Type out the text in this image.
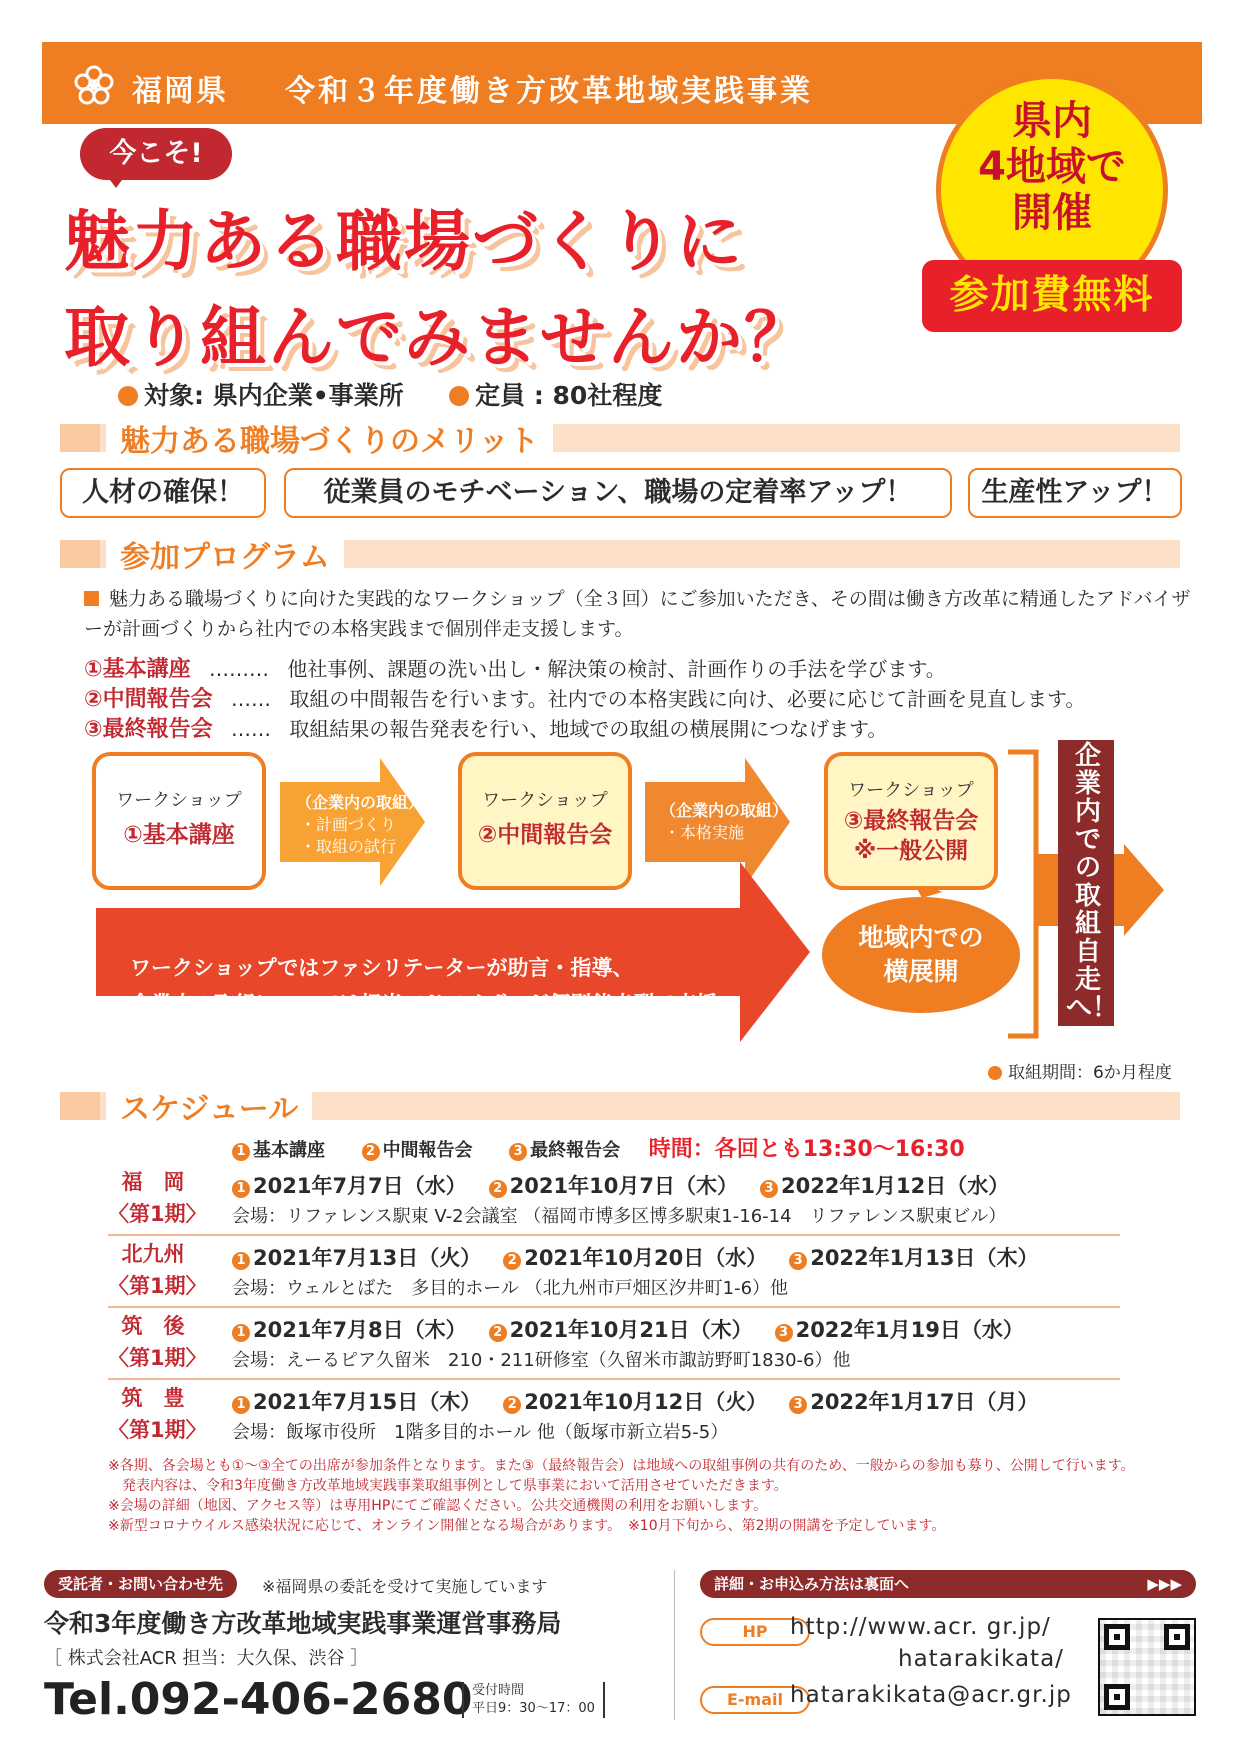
福岡県 令和３年度働き方改革地域実践事業
県内
4地域で
開催
参加費無料
今こそ!
魅力ある職場づくりに
取り組んでみませんか？
対象: 県内企業•事業所	定員 : 80社程度
魅力ある職場づくりのメリット
人材の確保！	従業員のモチベーション、職場の定着率アップ！	生産性アップ！
参加プログラム
魅力ある職場づくりに向けた実践的なワークショップ（全３回）にご参加いただき、その間は働き方改革に精通したアドバイザーが計画づくりから社内での本格実践まで個別伴走支援します。
①基本講座 ……… 他社事例、課題の洗い出し・解決策の検討、計画作りの手法を学びます。
②中間報告会 …… 取組の中間報告を行います。社内での本格実践に向け、必要に応じて計画を見直します。
③最終報告会 …… 取組結果の報告発表を行い、地域での取組の横展開につなげます。
ワークショップ
①基本講座
（企業内の取組）
・計画づくり
・取組の試行
ワークショップ
②中間報告会
（企業内の取組）
・本格実施
ワークショップ
③最終報告会
※一般公開
ワークショップではファシリテーターが助言・指導、
企業内の取組については担当アドバイザーが個別伴走型で支援
地域内での
横展開
企業内での取組自走へ！
取組期間：6か月程度
スケジュール
1 基本講座	2 中間報告会	3 最終報告会 時間：各回とも13:30〜16:30
福　岡
〈第1期〉
1 2021年7月7日（水） 2 2021年10月7日（木） 3 2022年1月12日（水）
会場：リファレンス駅東 V-2会議室 （福岡市博多区博多駅東1-16-14　リファレンス駅東ビル）
北九州
〈第1期〉
1 2021年7月13日（火） 2 2021年10月20日（水） 3 2022年1月13日（木）
会場：ウェルとばた　多目的ホール （北九州市戸畑区汐井町1-6）他
筑　後
〈第1期〉
1 2021年7月8日（木） 2 2021年10月21日（木） 3 2022年1月19日（水）
会場：えーるピア久留米　210・211研修室（久留米市諏訪野町1830-6）他
筑　豊
〈第1期〉
1 2021年7月15日（木） 2 2021年10月12日（火） 3 2022年1月17日（月）
会場：飯塚市役所　1階多目的ホール 他（飯塚市新立岩5-5）
※各期、各会場とも①〜③全ての出席が参加条件となります。また③（最終報告会）は地域への取組事例の共有のため、一般からの参加も募り、公開して行います。
　発表内容は、令和3年度働き方改革地域実践事業取組事例として県事業において活用させていただきます。
※会場の詳細（地図、アクセス等）は専用HPにてご確認ください。公共交通機関の利用をお願いします。
※新型コロナウイルス感染状況に応じて、オンライン開催となる場合があります。　※10月下旬から、第2期の開講を予定しています。
受託者・お問い合わせ先	※福岡県の委託を受けて実施しています
令和3年度働き方改革地域実践事業運営事務局
［ 株式会社ACR 担当：大久保、渋谷 ］
Tel.092-406-2680 受付時間
平日9：30〜17：00
詳細・お申込み方法は裏面へ	▶▶▶
HP http://www.acr. gr.jp/
hatarakikata/
E-mail hatarakikata@acr.gr.jp
